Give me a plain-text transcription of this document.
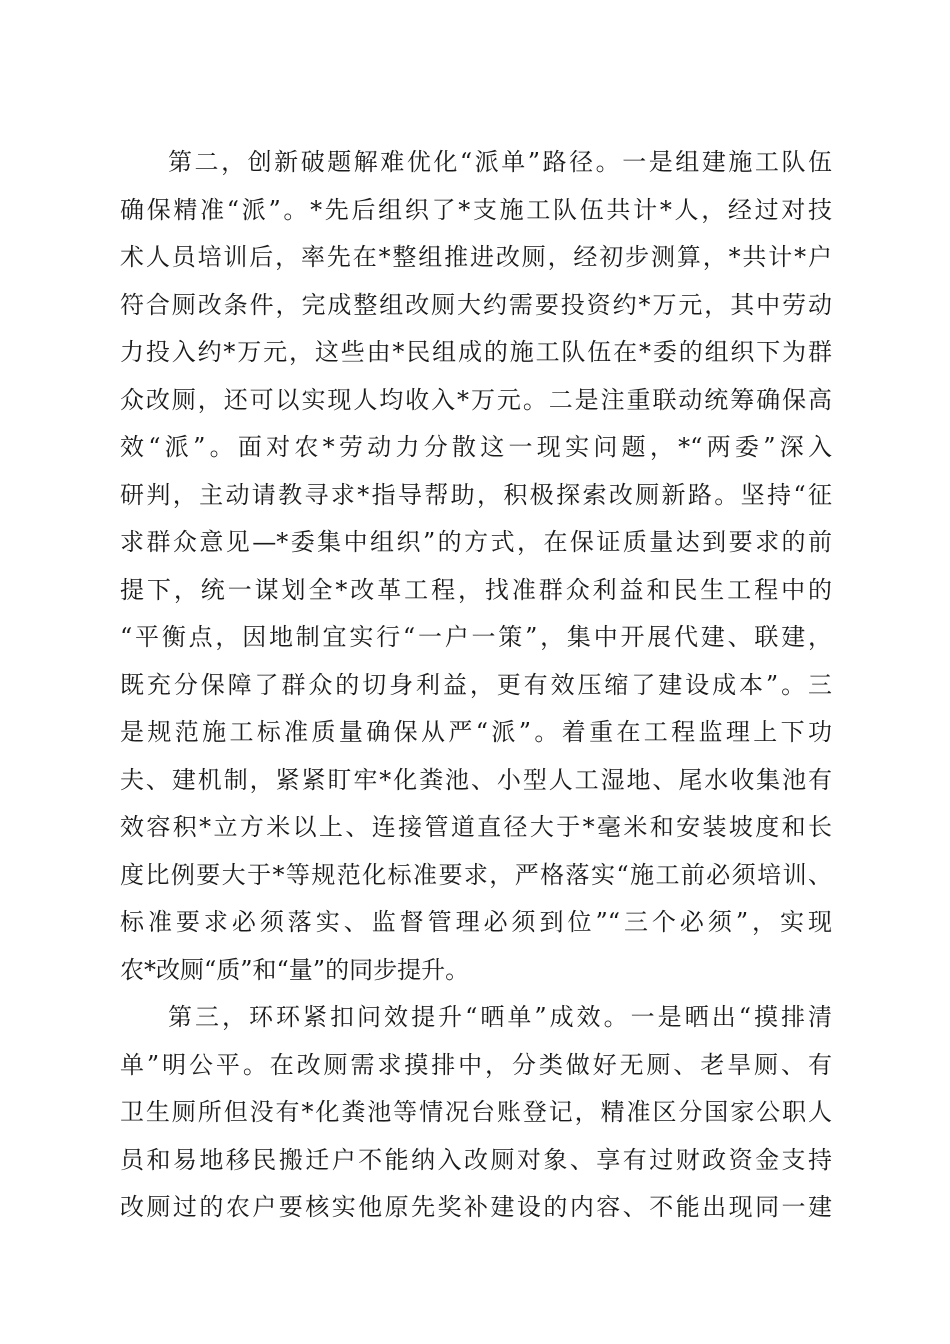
第二，创新破题解难优化“派单”路径。一是组建施工队伍
确保精准“派”。*先后组织了*支施工队伍共计*人，经过对技
术人员培训后，率先在*整组推进改厕，经初步测算，*共计*户
符合厕改条件，完成整组改厕大约需要投资约*万元，其中劳动
力投入约*万元，这些由*民组成的施工队伍在*委的组织下为群
众改厕，还可以实现人均收入*万元。二是注重联动统筹确保高
效“派”。面对农*劳动力分散这一现实问题，*“两委”深入
研判，主动请教寻求*指导帮助，积极探索改厕新路。坚持“征
求群众意见—*委集中组织”的方式，在保证质量达到要求的前
提下，统一谋划全*改革工程，找准群众利益和民生工程中的
“平衡点，因地制宜实行“一户一策”，集中开展代建、联建，
既充分保障了群众的切身利益，更有效压缩了建设成本”。三
是规范施工标准质量确保从严“派”。着重在工程监理上下功
夫、建机制，紧紧盯牢*化粪池、小型人工湿地、尾水收集池有
效容积*立方米以上、连接管道直径大于*毫米和安装坡度和长
度比例要大于*等规范化标准要求，严格落实“施工前必须培训、
标准要求必须落实、监督管理必须到位”“三个必须”，实现
农*改厕“质”和“量”的同步提升。
第三，环环紧扣问效提升“晒单”成效。一是晒出“摸排清
单”明公平。在改厕需求摸排中，分类做好无厕、老旱厕、有
卫生厕所但没有*化粪池等情况台账登记，精准区分国家公职人
员和易地移民搬迁户不能纳入改厕对象、享有过财政资金支持
改厕过的农户要核实他原先奖补建设的内容、不能出现同一建
